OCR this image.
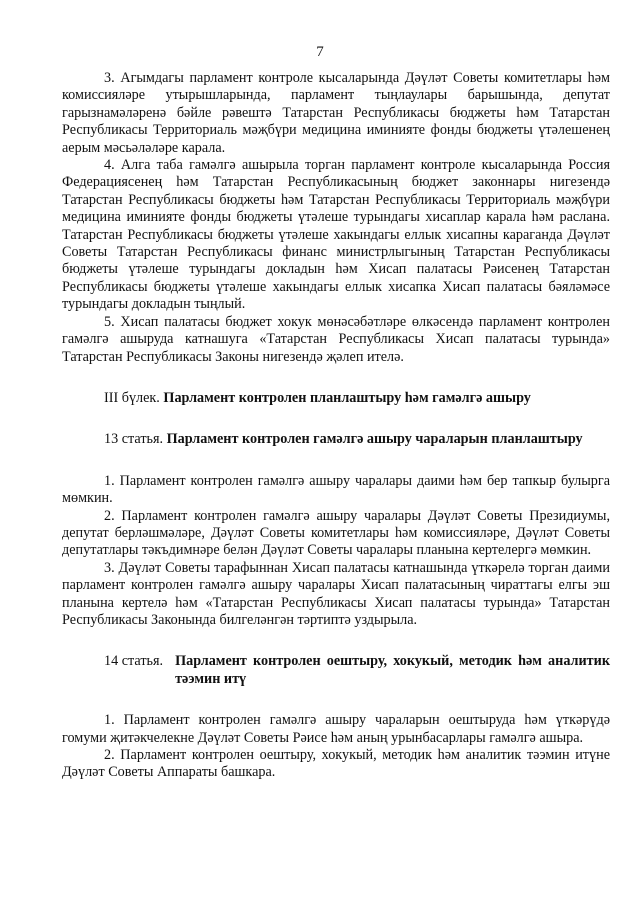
7

3. Агымдагы парламент контроле кысаларында Дәүләт Советы комитетлары һәм комиссияләре утырышларында, парламент тыңлаулары барышында, депутат гарызнамәләренә бәйле рәвештә Татарстан Республикасы бюджеты һәм Татарстан Республикасы Территориаль мәҗбүри медицина иминияте фонды бюджеты үтәлешенең аерым мәсьәләләре карала.

4. Алга таба гамәлгә ашырыла торган парламент контроле кысаларында Россия Федерациясенең һәм Татарстан Республикасының бюджет законнары нигезендә Татарстан Республикасы бюджеты һәм Татарстан Республикасы Территориаль мәҗбүри медицина иминияте фонды бюджеты үтәлеше турындагы хисаплар карала һәм раслана. Татарстан Республикасы бюджеты үтәлеше хакындагы еллык хисапны караганда Дәүләт Советы Татарстан Республикасы финанс министрлыгының Татарстан Республикасы бюджеты үтәлеше турындагы докладын һәм Хисап палатасы Рәисенең Татарстан Республикасы бюджеты үтәлеше хакындагы еллык хисапка Хисап палатасы бәяләмәсе турындагы докладын тыңлый.

5. Хисап палатасы бюджет хокук мөнәсәбәтләре өлкәсендә парламент контролен гамәлгә ашыруда катнашуга «Татарстан Республикасы Хисап палатасы турында» Татарстан Республикасы Законы нигезендә җәлеп ителә.

III бүлек. Парламент контролен планлаштыру һәм гамәлгә ашыру

13 статья. Парламент контролен гамәлгә ашыру чараларын планлаштыру

1. Парламент контролен гамәлгә ашыру чаралары даими һәм бер тапкыр булырга мөмкин.

2. Парламент контролен гамәлгә ашыру чаралары Дәүләт Советы Президиумы, депутат берләшмәләре, Дәүләт Советы комитетлары һәм комиссияләре, Дәүләт Советы депутатлары тәкъдимнәре белән Дәүләт Советы чаралары планына кертелергә мөмкин.

3. Дәүләт Советы тарафыннан Хисап палатасы катнашында үткәрелә торган даими парламент контролен гамәлгә ашыру чаралары Хисап палатасының чираттагы елгы эш планына кертелә һәм «Татарстан Республикасы Хисап палатасы турында» Татарстан Республикасы Законында билгеләнгән тәртиптә уздырыла.

14 статья. Парламент контролен оештыру, хокукый, методик һәм аналитик тәэмин итү

1. Парламент контролен гамәлгә ашыру чараларын оештыруда һәм үткәрүдә гомуми җитәкчелекне Дәүләт Советы Рәисе һәм аның урынбасарлары гамәлгә ашыра.

2. Парламент контролен оештыру, хокукый, методик һәм аналитик тәэмин итүне Дәүләт Советы Аппараты башкара.
